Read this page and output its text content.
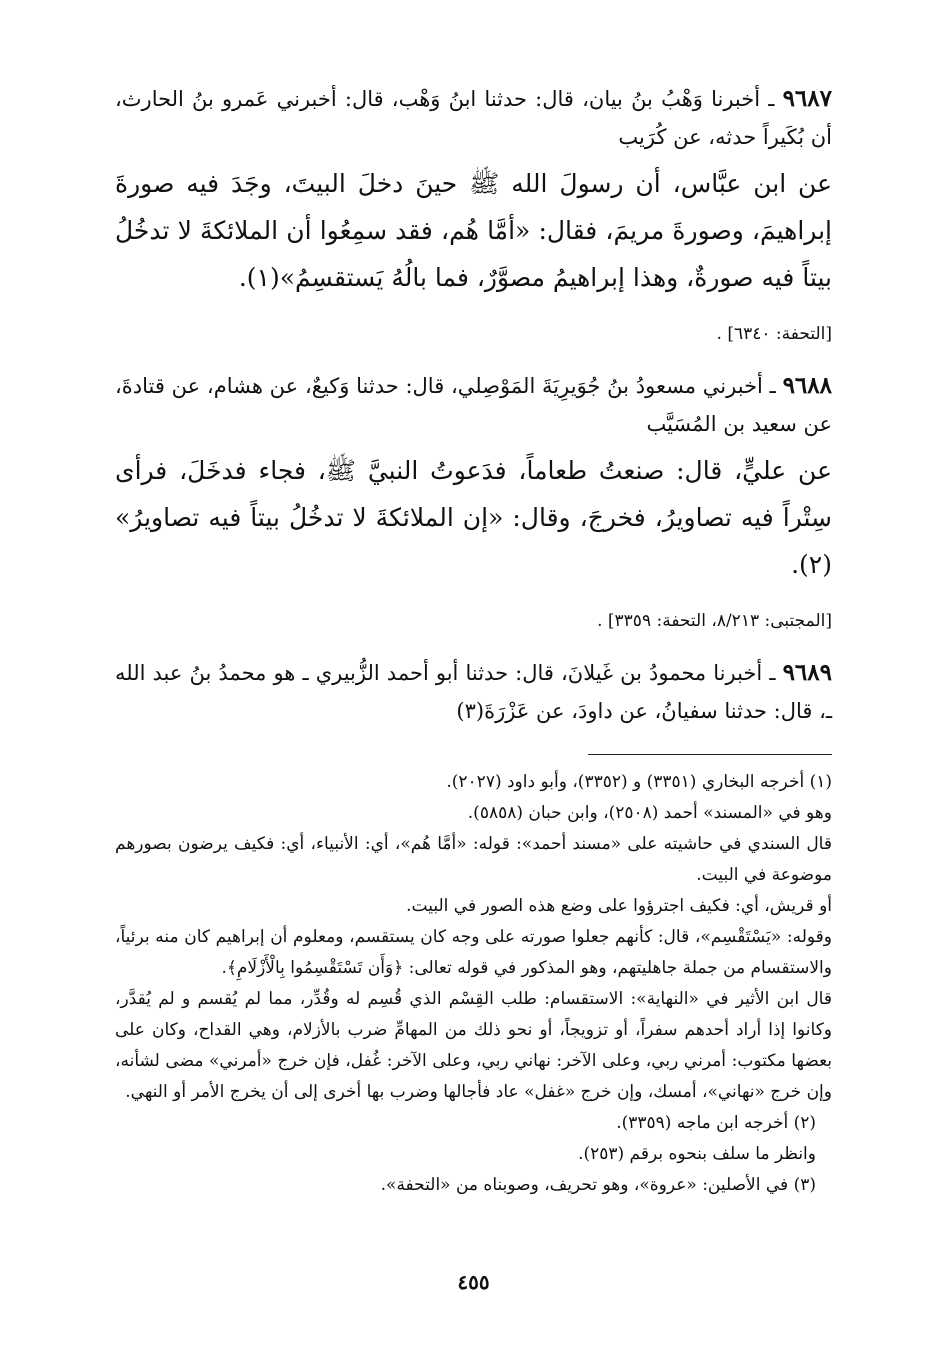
٩٦٨٧ ـ أخبرنا وَهْبُ بنُ بيان، قال: حدثنا ابنُ وَهْب، قال: أخبرني عَمرو بنُ الحارث، أن بُكَيراً حدثه، عن كُرَيب

عن ابن عبَّاس، أن رسولَ الله ﷺ حينَ دخلَ البيتَ، وجَدَ فيه صورةَ إبراهيمَ، وصورةَ مريمَ، فقال: «أمَّا هُم، فقد سمِعُوا أن الملائكةَ لا تدخُلُ بيتاً فيه صورةٌ، وهذا إبراهيمُ مصوَّرٌ، فما بالُهُ يَستقسِمُ»(١).

[التحفة: ٦٣٤٠] .

٩٦٨٨ ـ أخبرني مسعودُ بنُ جُوَيرِيَةَ المَوْصِلي، قال: حدثنا وَكيعٌ، عن هشام، عن قتادةَ، عن سعيد بن المُسَيَّب

عن عليٍّ، قال: صنعتُ طعاماً، فدَعوتُ النبيَّ ﷺ، فجاء فدخَلَ، فرأى سِتْراً فيه تصاويرُ، فخرجَ، وقال: «إن الملائكةَ لا تدخُلُ بيتاً فيه تصاويرُ» (٢).

[المجتبى: ٨/٢١٣، التحفة: ٣٣٥٩] .

٩٦٨٩ ـ أخبرنا محمودُ بن غَيلانَ، قال: حدثنا أبو أحمد الزُّبيري ـ هو محمدُ بنُ عبد الله ـ، قال: حدثنا سفيانُ، عن داودَ، عن عَزْرَةَ(٣)

(١) أخرجه البخاري (٣٣٥١) و (٣٣٥٢)، وأبو داود (٢٠٢٧).

وهو في «المسند» أحمد (٢٥٠٨)، وابن حبان (٥٨٥٨).

قال السندي في حاشيته على «مسند أحمد»: قوله: «أمَّا هُم»، أي: الأنبياء، أي: فكيف يرضون بصورهم موضوعة في البيت.

أو قريش، أي: فكيف اجترؤوا على وضع هذه الصور في البيت.

وقوله: «يَسْتَقْسِم»، قال: كأنهم جعلوا صورته على وجه كان يستقسم، ومعلوم أن إبراهيم كان منه برئياً، والاستقسام من جملة جاهليتهم، وهو المذكور في قوله تعالى: ﴿وَأَن تَسْتَقْسِمُوا بِالْأَزْلَامِ﴾.

قال ابن الأثير في «النهاية»: الاستقسام: طلب القِسْم الذي قُسِم له وقُدِّر، مما لم يُقسم و لم يُقدَّر، وكانوا إذا أراد أحدهم سفراً، أو تزويجاً، أو نحو ذلك من المهامِّ ضرب بالأزلام، وهي القداح، وكان على بعضها مكتوب: أمرني ربي، وعلى الآخر: نهاني ربي، وعلى الآخر: غُفل، فإن خرج «أمرني» مضى لشأنه، وإن خرج «نهاني»، أمسك، وإن خرج «غفل» عاد فأجالها وضرب بها أخرى إلى أن يخرج الأمر أو النهي.

(٢) أخرجه ابن ماجه (٣٣٥٩).

وانظر ما سلف بنحوه برقم (٢٥٣).

(٣) في الأصلين: «عروة»، وهو تحريف، وصوبناه من «التحفة».

٤٥٥
